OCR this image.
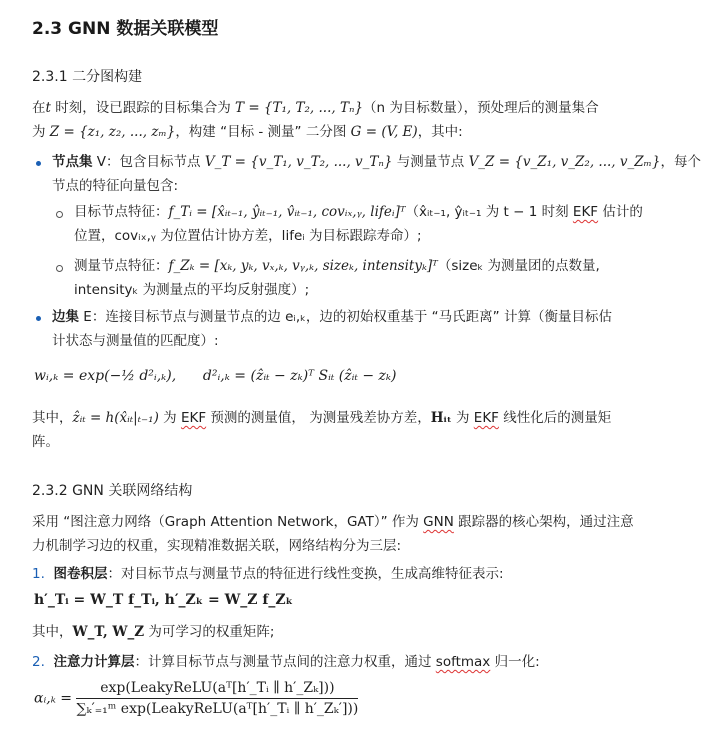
2.3 GNN 数据关联模型
2.3.1 二分图构建
在t 时刻，设已跟踪的目标集合为 T = {T₁, T₂, ..., Tₙ}（n 为目标数量），预处理后的测量集合
为 Z = {z₁, z₂, ..., zₘ}，构建 “目标 - 测量” 二分图 G = (V, E)，其中:
节点集 V：包含目标节点 V_T = {v_T₁, v_T₂, ..., v_Tₙ} 与测量节点 V_Z = {v_Z₁, v_Z₂, ..., v_Zₘ}，每个
节点的特征向量包含:
目标节点特征：f_Tᵢ = [x̂ᵢₜ₋₁, ŷᵢₜ₋₁, v̂ᵢₜ₋₁, covᵢₓ,ᵧ, lifeᵢ]ᵀ（x̂ᵢₜ₋₁, ŷᵢₜ₋₁ 为 t − 1 时刻 EKF 估计的
位置，covᵢₓ,ᵧ 为位置估计协方差，lifeᵢ 为目标跟踪寿命）;
测量节点特征：f_Zₖ = [xₖ, yₖ, vₓ,ₖ, vᵧ,ₖ, sizeₖ, intensityₖ]ᵀ（sizeₖ 为测量团的点数量,
intensityₖ 为测量点的平均反射强度）;
边集 E：连接目标节点与测量节点的边 eᵢ,ₖ，边的初始权重基于 “马氏距离” 计算（衡量目标估
计状态与测量值的匹配度）:
wᵢ,ₖ = exp(−½ d²ᵢ,ₖ), d²ᵢ,ₖ = (ẑᵢₜ − zₖ)ᵀ Sᵢₜ (ẑᵢₜ − zₖ)
其中，ẑᵢₜ = h(x̂ᵢₜ|ₜ₋₁) 为 EKF 预测的测量值， 为测量残差协方差，Hᵢₜ 为 EKF 线性化后的测量矩
阵。
2.3.2 GNN 关联网络结构
采用 “图注意力网络（Graph Attention Network，GAT）” 作为 GNN 跟踪器的核心架构，通过注意
力机制学习边的权重，实现精准数据关联，网络结构分为三层:
1. 图卷积层：对目标节点与测量节点的特征进行线性变换，生成高维特征表示:
h′_Tᵢ = W_T f_Tᵢ, h′_Zₖ = W_Z f_Zₖ
其中，W_T, W_Z 为可学习的权重矩阵;
2. 注意力计算层：计算目标节点与测量节点间的注意力权重，通过 softmax 归一化:
αᵢ,ₖ = $\frac{\text{exp(LeakyReLU(aᵀ[h′\_Tᵢ ∥ h′\_Zₖ]))}}{\text{∑ₖ′₌₁ᵐ exp(LeakyReLU(aᵀ[h′\_Tᵢ ∥ h′\_Zₖ′]))}}$
